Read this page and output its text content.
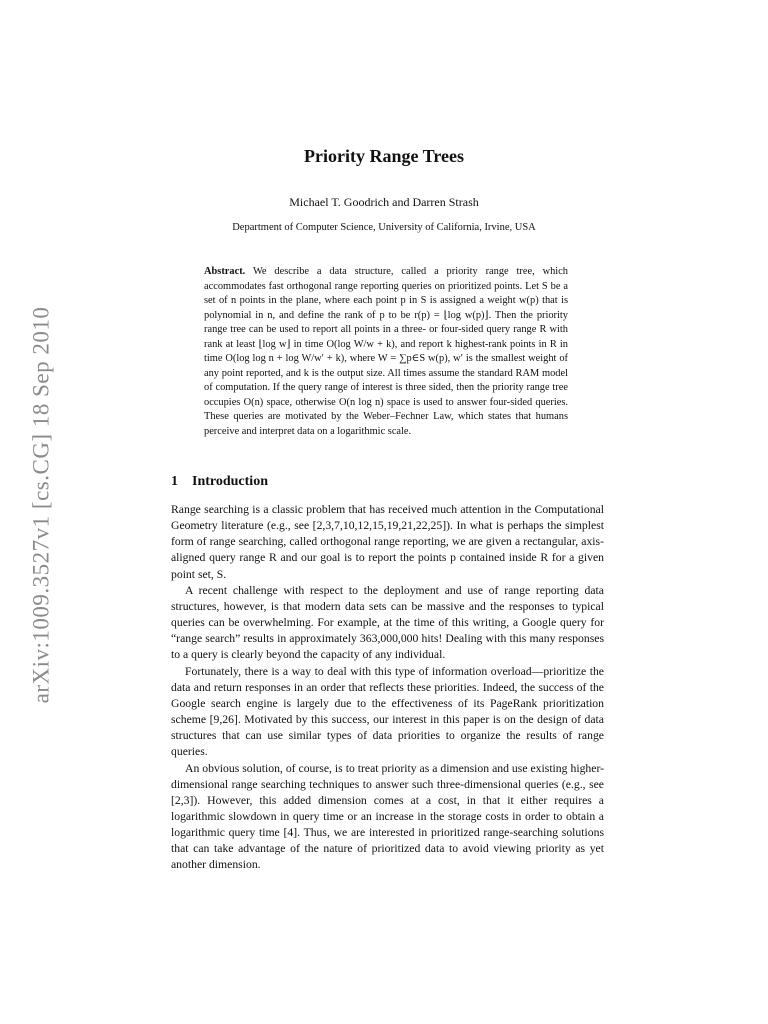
arXiv:1009.3527v1 [cs.CG] 18 Sep 2010
Priority Range Trees
Michael T. Goodrich and Darren Strash
Department of Computer Science, University of California, Irvine, USA
Abstract. We describe a data structure, called a priority range tree, which accommodates fast orthogonal range reporting queries on prioritized points. Let S be a set of n points in the plane, where each point p in S is assigned a weight w(p) that is polynomial in n, and define the rank of p to be r(p) = ⌊log w(p)⌋. Then the priority range tree can be used to report all points in a three- or four-sided query range R with rank at least ⌊log w⌋ in time O(log W/w + k), and report k highest-rank points in R in time O(log log n + log W/w′ + k), where W = ∑p∈S w(p), w′ is the smallest weight of any point reported, and k is the output size. All times assume the standard RAM model of computation. If the query range of interest is three sided, then the priority range tree occupies O(n) space, otherwise O(n log n) space is used to answer four-sided queries. These queries are motivated by the Weber–Fechner Law, which states that humans perceive and interpret data on a logarithmic scale.
1 Introduction

Range searching is a classic problem that has received much attention in the Computational Geometry literature (e.g., see [2,3,7,10,12,15,19,21,22,25]). In what is perhaps the simplest form of range searching, called orthogonal range reporting, we are given a rectangular, axis-aligned query range R and our goal is to report the points p contained inside R for a given point set, S.

A recent challenge with respect to the deployment and use of range reporting data structures, however, is that modern data sets can be massive and the responses to typical queries can be overwhelming. For example, at the time of this writing, a Google query for “range search” results in approximately 363,000,000 hits! Dealing with this many responses to a query is clearly beyond the capacity of any individual.

Fortunately, there is a way to deal with this type of information overload—prioritize the data and return responses in an order that reflects these priorities. Indeed, the success of the Google search engine is largely due to the effectiveness of its PageRank prioritization scheme [9,26]. Motivated by this success, our interest in this paper is on the design of data structures that can use similar types of data priorities to organize the results of range queries.

An obvious solution, of course, is to treat priority as a dimension and use existing higher-dimensional range searching techniques to answer such three-dimensional queries (e.g., see [2,3]). However, this added dimension comes at a cost, in that it either requires a logarithmic slowdown in query time or an increase in the storage costs in order to obtain a logarithmic query time [4]. Thus, we are interested in prioritized range-searching solutions that can take advantage of the nature of prioritized data to avoid viewing priority as yet another dimension.
